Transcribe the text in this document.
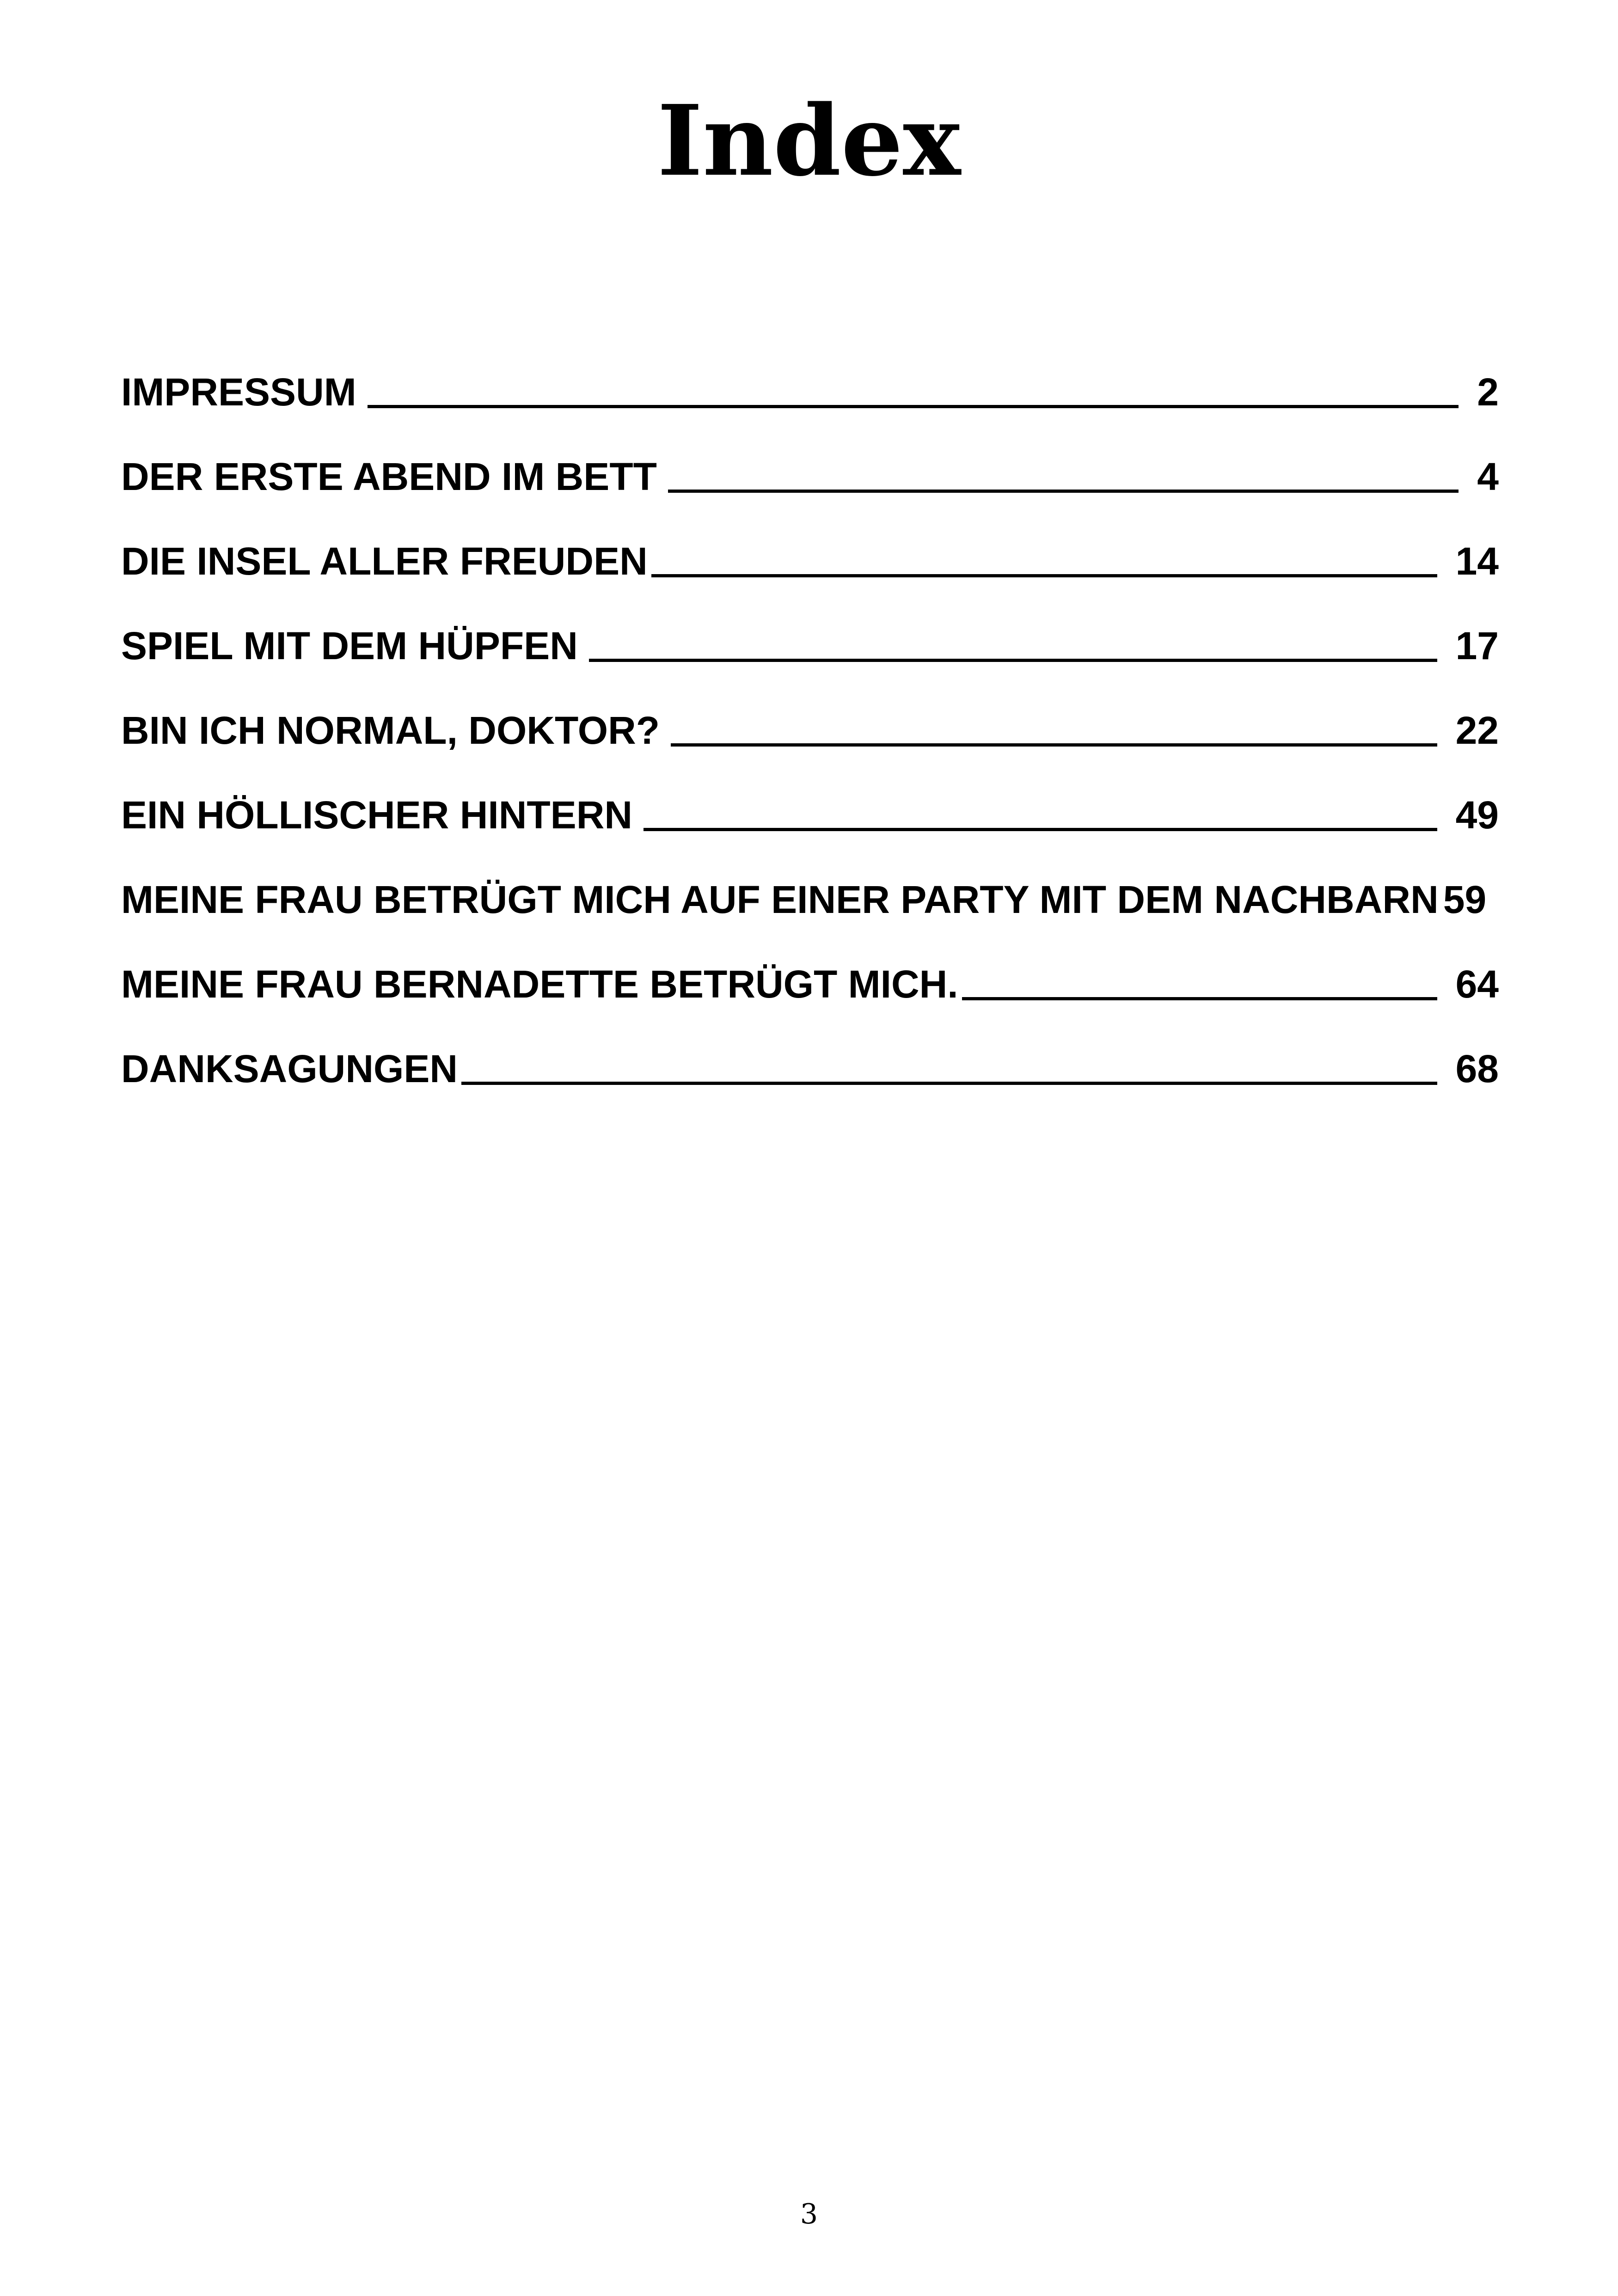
Index
IMPRESSUM	2
DER ERSTE ABEND IM BETT	4
DIE INSEL ALLER FREUDEN	14
SPIEL MIT DEM HÜPFEN	17
BIN ICH NORMAL, DOKTOR?	22
EIN HÖLLISCHER HINTERN	49
MEINE FRAU BETRÜGT MICH AUF EINER PARTY MIT DEM NACHBARN 59
MEINE FRAU BERNADETTE BETRÜGT MICH.	64
DANKSAGUNGEN	68
3
